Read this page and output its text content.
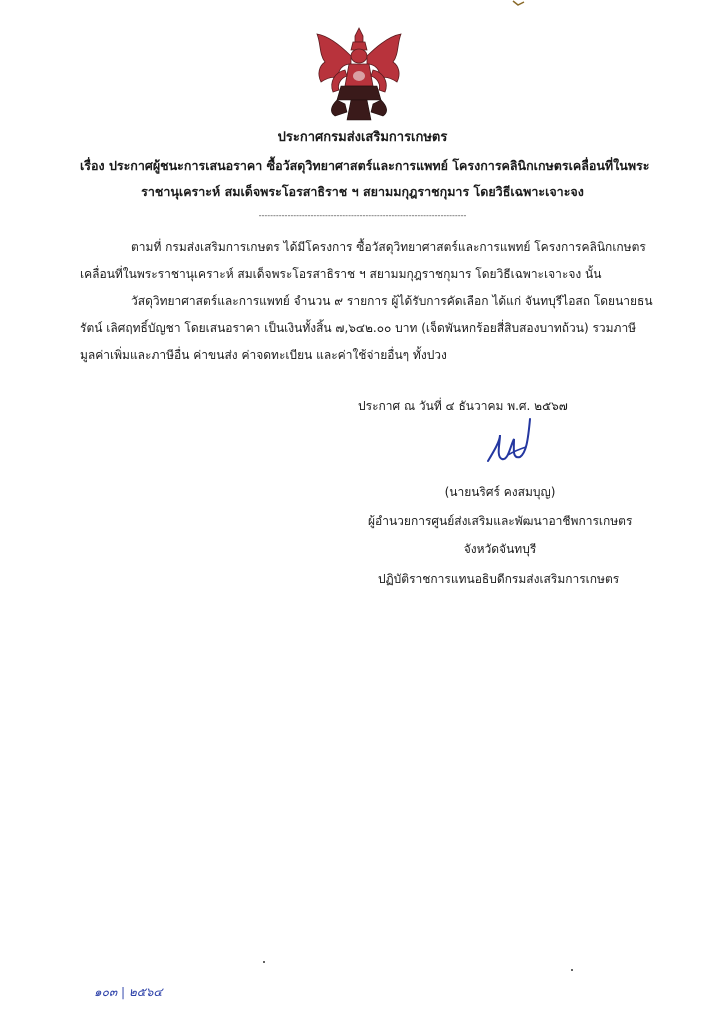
ประกาศกรมส่งเสริมการเกษตร
เรื่อง ประกาศผู้ชนะการเสนอราคา ซื้อวัสดุวิทยาศาสตร์และการแพทย์ โครงการคลินิกเกษตรเคลื่อนที่ในพระ
ราชานุเคราะห์ สมเด็จพระโอรสาธิราช ฯ สยามมกุฎราชกุมาร โดยวิธีเฉพาะเจาะจง
------------------------------------------------------------------------
ตามที่ กรมส่งเสริมการเกษตร ได้มีโครงการ ซื้อวัสดุวิทยาศาสตร์และการแพทย์ โครงการคลินิกเกษตร
เคลื่อนที่ในพระราชานุเคราะห์ สมเด็จพระโอรสาธิราช ฯ สยามมกุฎราชกุมาร โดยวิธีเฉพาะเจาะจง นั้น
วัสดุวิทยาศาสตร์และการแพทย์ จำนวน ๙ รายการ ผู้ได้รับการคัดเลือก ได้แก่ จันทบุรีไอสถ โดยนายธน
รัตน์ เลิศฤทธิ์บัญชา โดยเสนอราคา เป็นเงินทั้งสิ้น ๗,๖๔๒.๐๐ บาท (เจ็ดพันหกร้อยสี่สิบสองบาทถ้วน) รวมภาษี
มูลค่าเพิ่มและภาษีอื่น ค่าขนส่ง ค่าจดทะเบียน และค่าใช้จ่ายอื่นๆ ทั้งปวง
ประกาศ ณ วันที่ ๔ ธันวาคม พ.ศ. ๒๕๖๗
(นายนริศร์ คงสมบุญ)
ผู้อำนวยการศูนย์ส่งเสริมและพัฒนาอาชีพการเกษตร
จังหวัดจันทบุรี
ปฏิบัติราชการแทนอธิบดีกรมส่งเสริมการเกษตร
๑๐๓ | ๒๕๖๔
